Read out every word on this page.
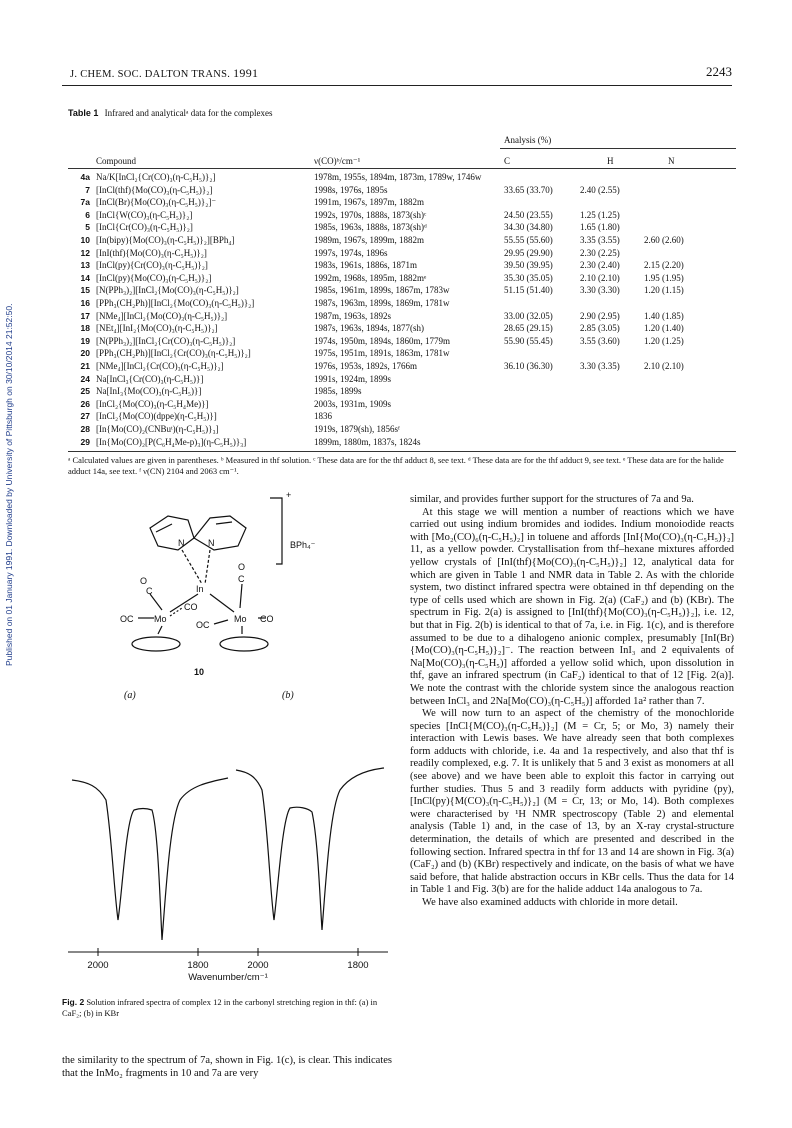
J. CHEM. SOC. DALTON TRANS. 1991	2243
Published on 01 January 1991. Downloaded by University of Pittsburgh on 30/10/2014 21:52:50.
Table 1 Infrared and analyticalᵃ data for the complexes
Analysis (%)
Compound	ν(CO)ᵇ/cm⁻¹	C	H	N
4a Na/K[InCl₂{Cr(CO)₃(η-C₅H₅)}₂]	1978m, 1955s, 1894m, 1873m, 1789w, 1746w
7 [InCl(thf){Mo(CO)₃(η-C₅H₅)}₂]	1998s, 1976s, 1895s	33.65 (33.70)	2.40 (2.55)
7a [InCl(Br){Mo(CO)₃(η-C₅H₅)}₂]⁻	1991m, 1967s, 1897m, 1882m
6 [InCl{W(CO)₃(η-C₅H₅)}₂]	1992s, 1970s, 1888s, 1873(sh)ᶜ	24.50 (23.55)	1.25 (1.25)
5 [InCl{Cr(CO)₃(η-C₅H₅)}₂]	1985s, 1963s, 1888s, 1873(sh)ᵈ	34.30 (34.80)	1.65 (1.80)
10 [In(bipy){Mo(CO)₃(η-C₅H₅)}₂][BPh₄]	1989m, 1967s, 1899m, 1882m	55.55 (55.60)	3.35 (3.55)	2.60 (2.60)
12 [InI(thf){Mo(CO)₃(η-C₅H₅)}₂]	1997s, 1974s, 1896s	29.95 (29.90)	2.30 (2.25)
13 [InCl(py){Cr(CO)₃(η-C₅H₅)}₂]	1983s, 1961s, 1886s, 1871m	39.50 (39.95)	2.30 (2.40)	2.15 (2.20)
14 [InCl(py){Mo(CO)₃(η-C₅H₅)}₂]	1992m, 1968s, 1895m, 1882mᵉ	35.30 (35.05)	2.10 (2.10)	1.95 (1.95)
15 [N(PPh₃)₂][InCl₂{Mo(CO)₃(η-C₅H₅)}₂]	1985s, 1961m, 1899s, 1867m, 1783w	51.15 (51.40)	3.30 (3.30)	1.20 (1.15)
16 [PPh₃(CH₂Ph)][InCl₂{Mo(CO)₃(η-C₅H₅)}₂]	1987s, 1963m, 1899s, 1869m, 1781w
17 [NMe₄][InCl₂{Mo(CO)₃(η-C₅H₅)}₂]	1987m, 1963s, 1892s	33.00 (32.05)	2.90 (2.95)	1.40 (1.85)
18 [NEt₄][InI₂{Mo(CO)₃(η-C₅H₅)}₂]	1987s, 1963s, 1894s, 1877(sh)	28.65 (29.15)	2.85 (3.05)	1.20 (1.40)
19 [N(PPh₃)₂][InCl₂{Cr(CO)₃(η-C₅H₅)}₂]	1974s, 1950m, 1894s, 1860m, 1779m	55.90 (55.45)	3.55 (3.60)	1.20 (1.25)
20 [PPh₃(CH₂Ph)][InCl₂{Cr(CO)₃(η-C₅H₅)}₂]	1975s, 1951m, 1891s, 1863m, 1781w
21 [NMe₄][InCl₂{Cr(CO)₃(η-C₅H₅)}₂]	1976s, 1953s, 1892s, 1766m	36.10 (36.30)	3.30 (3.35)	2.10 (2.10)
24 Na[InCl₃{Cr(CO)₃(η-C₅H₅)}]	1991s, 1924m, 1899s
25 Na[InI₃{Mo(CO)₃(η-C₅H₅)}]	1985s, 1899s
26 [InCl₂{Mo(CO)₃(η-C₅H₄Me)}]	2003s, 1931m, 1909s
27 [InCl₂{Mo(CO)(dppe)(η-C₅H₅)}]	1836
28 [In{Mo(CO)₂(CNBuᵗ)(η-C₅H₅)}₃]	1919s, 1879(sh), 1856sᶠ
29 [In{Mo(CO)₂[P(C₆H₄Me-p)₃](η-C₅H₅)}₃]	1899m, 1880m, 1837s, 1824s
ᵃ Calculated values are given in parentheses. ᵇ Measured in thf solution. ᶜ These data are for the thf adduct 8, see text. ᵈ These data are for the thf adduct 9, see text. ᵉ These data are for the halide adduct 14a, see text. ᶠ ν(CN) 2104 and 2063 cm⁻¹.
N	N
In
Mo	Mo
OC
CO
OC
CO
O
C
O
C
+
BPh₄⁻
10
(a)	(b)
2000	1800	2000	1800
Wavenumber/cm⁻¹
Fig. 2 Solution infrared spectra of complex 12 in the carbonyl stretching region in thf: (a) in CaF₂; (b) in KBr

the similarity to the spectrum of 7a, shown in Fig. 1(c), is clear. This indicates that the InMo₂ fragments in 10 and 7a are very

similar, and provides further support for the structures of 7a and 9a.

At this stage we will mention a number of reactions which we have carried out using indium bromides and iodides. Indium monoiodide reacts with [Mo₂(CO)₆(η-C₅H₅)₂] in toluene and affords [InI{Mo(CO)₃(η-C₅H₅)}₂] 11, as a yellow powder. Crystallisation from thf–hexane mixtures afforded yellow crystals of [InI(thf){Mo(CO)₃(η-C₅H₅)}₂] 12, analytical data for which are given in Table 1 and NMR data in Table 2. As with the chloride system, two distinct infrared spectra were obtained in thf depending on the type of cells used which are shown in Fig. 2(a) (CaF₂) and (b) (KBr). The spectrum in Fig. 2(a) is assigned to [InI(thf){Mo(CO)₃(η-C₅H₅)}₂], i.e. 12, but that in Fig. 2(b) is identical to that of 7a, i.e. in Fig. 1(c), and is therefore assumed to be due to a dihalogeno anionic complex, presumably [InI(Br){Mo(CO)₃(η-C₅H₅)}₂]⁻. The reaction between InI₃ and 2 equivalents of Na[Mo(CO)₃(η-C₅H₅)] afforded a yellow solid which, upon dissolution in thf, gave an infrared spectrum (in CaF₂) identical to that of 12 [Fig. 2(a)]. We note the contrast with the chloride system since the analogous reaction between InCl₃ and 2Na[Mo(CO)₃(η-C₅H₅)] afforded 1a² rather than 7.

We will now turn to an aspect of the chemistry of the monochloride species [InCl{M(CO)₃(η-C₅H₅)}₂] (M = Cr, 5; or Mo, 3) namely their interaction with Lewis bases. We have already seen that both complexes form adducts with chloride, i.e. 4a and 1a respectively, and also that thf is readily complexed, e.g. 7. It is unlikely that 5 and 3 exist as monomers at all (see above) and we have been able to exploit this factor in carrying out further studies. Thus 5 and 3 readily form adducts with pyridine (py), [InCl(py){M(CO)₃(η-C₅H₅)}₂] (M = Cr, 13; or Mo, 14). Both complexes were characterised by ¹H NMR spectroscopy (Table 2) and elemental analysis (Table 1) and, in the case of 13, by an X-ray crystal-structure determination, the details of which are presented and described in the following section. Infrared spectra in thf for 13 and 14 are shown in Fig. 3(a) (CaF₂) and (b) (KBr) respectively and indicate, on the basis of what we have said before, that halide abstraction occurs in KBr cells. Thus the data for 14 in Table 1 and Fig. 3(b) are for the halide adduct 14a analogous to 7a.

We have also examined adducts with chloride in more detail.
